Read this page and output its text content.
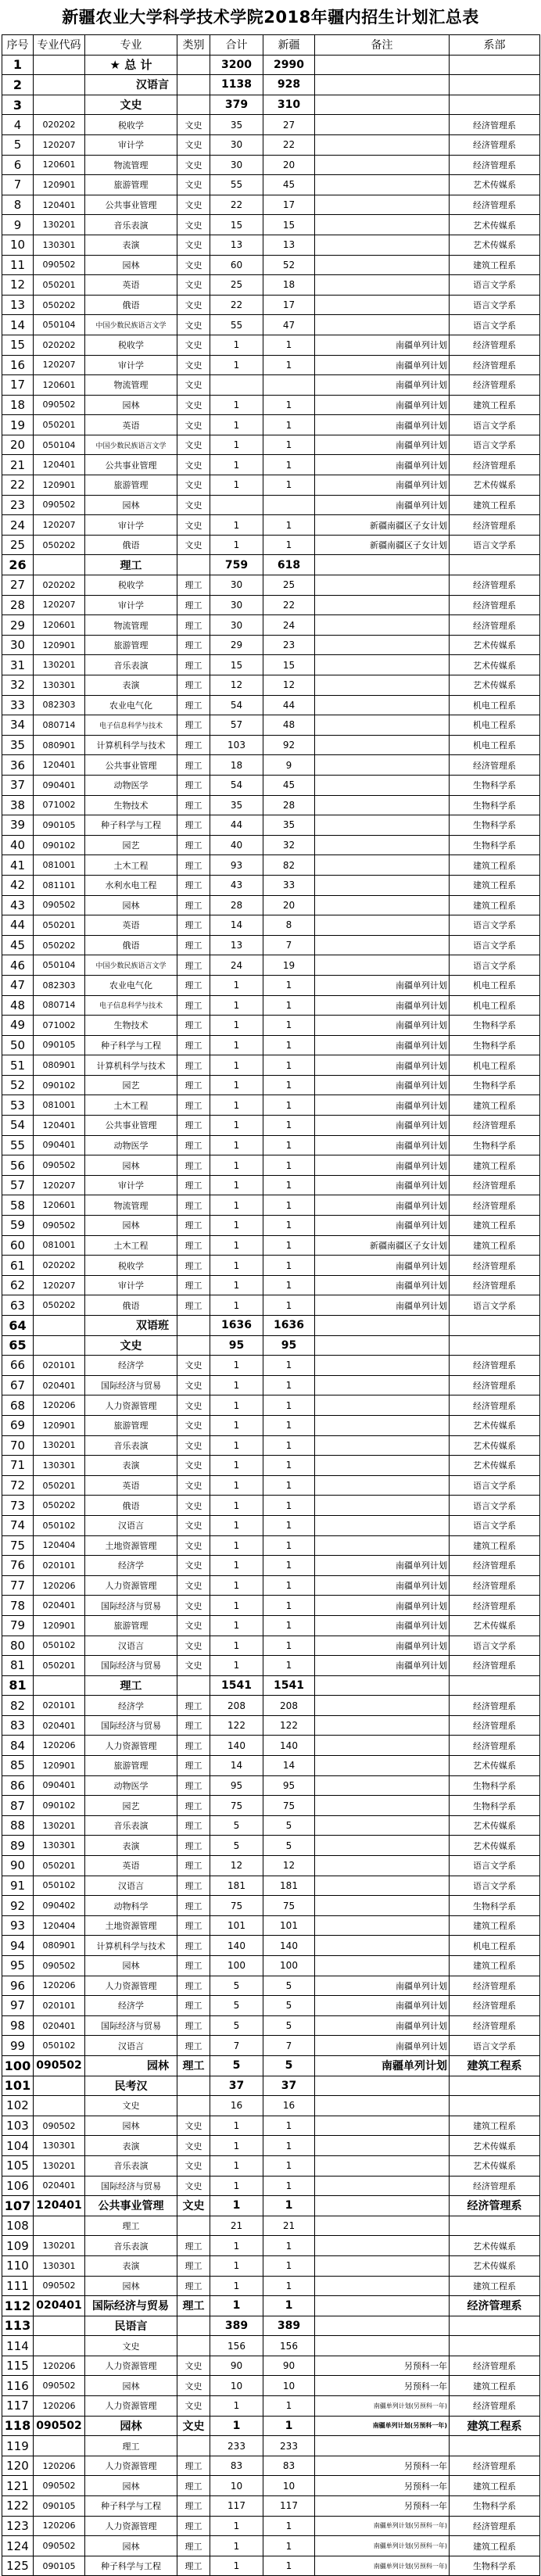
新疆农业大学科学技术学院2018年疆内招生计划汇总表
序号	专业代码	专业	类别	合计	新疆	备注	系部
1		★ 总 计		3200	2990		
2		汉语言		1138	928		
3		文史		379	310		
4	020202	税收学	文史	35	27		经济管理系
5	120207	审计学	文史	30	22		经济管理系
6	120601	物流管理	文史	30	20		经济管理系
7	120901	旅游管理	文史	55	45		艺术传媒系
8	120401	公共事业管理	文史	22	17		经济管理系
9	130201	音乐表演	文史	15	15		艺术传媒系
10	130301	表演	文史	13	13		艺术传媒系
11	090502	园林	文史	60	52		建筑工程系
12	050201	英语	文史	25	18		语言文学系
13	050202	俄语	文史	22	17		语言文学系
14	050104	中国少数民族语言文学	文史	55	47		语言文学系
15	020202	税收学	文史	1	1	南疆单列计划	经济管理系
16	120207	审计学	文史	1	1	南疆单列计划	经济管理系
17	120601	物流管理	文史			南疆单列计划	经济管理系
18	090502	园林	文史	1	1	南疆单列计划	建筑工程系
19	050201	英语	文史	1	1	南疆单列计划	语言文学系
20	050104	中国少数民族语言文学	文史	1	1	南疆单列计划	语言文学系
21	120401	公共事业管理	文史	1	1	南疆单列计划	经济管理系
22	120901	旅游管理	文史	1	1	南疆单列计划	艺术传媒系
23	090502	园林	文史			南疆单列计划	建筑工程系
24	120207	审计学	文史	1	1	新疆南疆区子女计划	经济管理系
25	050202	俄语	文史	1	1	新疆南疆区子女计划	语言文学系
26		理工		759	618		
27	020202	税收学	理工	30	25		经济管理系
28	120207	审计学	理工	30	22		经济管理系
29	120601	物流管理	理工	30	24		经济管理系
30	120901	旅游管理	理工	29	23		艺术传媒系
31	130201	音乐表演	理工	15	15		艺术传媒系
32	130301	表演	理工	12	12		艺术传媒系
33	082303	农业电气化	理工	54	44		机电工程系
34	080714	电子信息科学与技术	理工	57	48		机电工程系
35	080901	计算机科学与技术	理工	103	92		机电工程系
36	120401	公共事业管理	理工	18	9		经济管理系
37	090401	动物医学	理工	54	45		生物科学系
38	071002	生物技术	理工	35	28		生物科学系
39	090105	种子科学与工程	理工	44	35		生物科学系
40	090102	园艺	理工	40	32		生物科学系
41	081001	土木工程	理工	93	82		建筑工程系
42	081101	水利水电工程	理工	43	33		建筑工程系
43	090502	园林	理工	28	20		建筑工程系
44	050201	英语	理工	14	8		语言文学系
45	050202	俄语	理工	13	7		语言文学系
46	050104	中国少数民族语言文学	理工	24	19		语言文学系
47	082303	农业电气化	理工	1	1	南疆单列计划	机电工程系
48	080714	电子信息科学与技术	理工	1	1	南疆单列计划	机电工程系
49	071002	生物技术	理工	1	1	南疆单列计划	生物科学系
50	090105	种子科学与工程	理工	1	1	南疆单列计划	生物科学系
51	080901	计算机科学与技术	理工	1	1	南疆单列计划	机电工程系
52	090102	园艺	理工	1	1	南疆单列计划	生物科学系
53	081001	土木工程	理工	1	1	南疆单列计划	建筑工程系
54	120401	公共事业管理	理工	1	1	南疆单列计划	经济管理系
55	090401	动物医学	理工	1	1	南疆单列计划	生物科学系
56	090502	园林	理工	1	1	南疆单列计划	建筑工程系
57	120207	审计学	理工	1	1	南疆单列计划	经济管理系
58	120601	物流管理	理工	1	1	南疆单列计划	经济管理系
59	090502	园林	理工	1	1	南疆单列计划	建筑工程系
60	081001	土木工程	理工	1	1	新疆南疆区子女计划	建筑工程系
61	020202	税收学	理工	1	1	南疆单列计划	经济管理系
62	120207	审计学	理工	1	1	南疆单列计划	经济管理系
63	050202	俄语	理工	1	1	南疆单列计划	语言文学系
64		双语班		1636	1636		
65		文史		95	95		
66	020101	经济学	文史	1	1		经济管理系
67	020401	国际经济与贸易	文史	1	1		经济管理系
68	120206	人力资源管理	文史	1	1		经济管理系
69	120901	旅游管理	文史	1	1		艺术传媒系
70	130201	音乐表演	文史	1	1		艺术传媒系
71	130301	表演	文史	1	1		艺术传媒系
72	050201	英语	文史	1	1		语言文学系
73	050202	俄语	文史	1	1		语言文学系
74	050102	汉语言	文史	1	1		语言文学系
75	120404	土地资源管理	文史	1	1		建筑工程系
76	020101	经济学	文史	1	1	南疆单列计划	经济管理系
77	120206	人力资源管理	文史	1	1	南疆单列计划	经济管理系
78	020401	国际经济与贸易	文史	1	1	南疆单列计划	经济管理系
79	120901	旅游管理	文史	1	1	南疆单列计划	艺术传媒系
80	050102	汉语言	文史	1	1	南疆单列计划	语言文学系
81	050201	国际经济与贸易	文史	1	1	南疆单列计划	经济管理系
81		理工		1541	1541		
82	020101	经济学	理工	208	208		经济管理系
83	020401	国际经济与贸易	理工	122	122		经济管理系
84	120206	人力资源管理	理工	140	140		经济管理系
85	120901	旅游管理	理工	14	14		艺术传媒系
86	090401	动物医学	理工	95	95		生物科学系
87	090102	园艺	理工	75	75		生物科学系
88	130201	音乐表演	理工	5	5		艺术传媒系
89	130301	表演	理工	5	5		艺术传媒系
90	050201	英语	理工	12	12		语言文学系
91	050102	汉语言	理工	181	181		语言文学系
92	090402	动物科学	理工	75	75		生物科学系
93	120404	土地资源管理	理工	101	101		建筑工程系
94	080901	计算机科学与技术	理工	140	140		机电工程系
95	090502	园林	理工	100	100		建筑工程系
96	120206	人力资源管理	理工	5	5	南疆单列计划	经济管理系
97	020101	经济学	理工	5	5	南疆单列计划	经济管理系
98	020401	国际经济与贸易	理工	5	5	南疆单列计划	经济管理系
99	050102	汉语言	理工	7	7	南疆单列计划	语言文学系
100	090502	园林	理工	5	5	南疆单列计划	建筑工程系
101		民考汉		37	37		
102		文史		16	16		
103	090502	园林	文史	1	1		建筑工程系
104	130301	表演	文史	1	1		艺术传媒系
105	130201	音乐表演	文史	1	1		艺术传媒系
106	020401	国际经济与贸易	文史	1	1		经济管理系
107	120401	公共事业管理	文史	1	1		经济管理系
108		理工		21	21		
109	130201	音乐表演	理工	1	1		艺术传媒系
110	130301	表演	理工	1	1		艺术传媒系
111	090502	园林	理工	1	1		建筑工程系
112	020401	国际经济与贸易	理工	1	1		经济管理系
113		民语言		389	389		
114		文史		156	156		
115	120206	人力资源管理	文史	90	90	另预科一年	经济管理系
116	090502	园林	文史	10	10	另预科一年	建筑工程系
117	120206	人力资源管理	文史	1	1	南疆单列计划(另预科一年)	经济管理系
118	090502	园林	文史	1	1	南疆单列计划(另预科一年)	建筑工程系
119		理工		233	233		
120	120206	人力资源管理	理工	83	83	另预科一年	经济管理系
121	090502	园林	理工	10	10	另预科一年	建筑工程系
122	090105	种子科学与工程	理工	117	117	另预科一年	生物科学系
123	120206	人力资源管理	理工	1	1	南疆单列计划(另预科一年)	经济管理系
124	090502	园林	理工	1	1	南疆单列计划(另预科一年)	建筑工程系
125	090105	种子科学与工程	理工	1	1	南疆单列计划(另预科一年)	生物科学系
